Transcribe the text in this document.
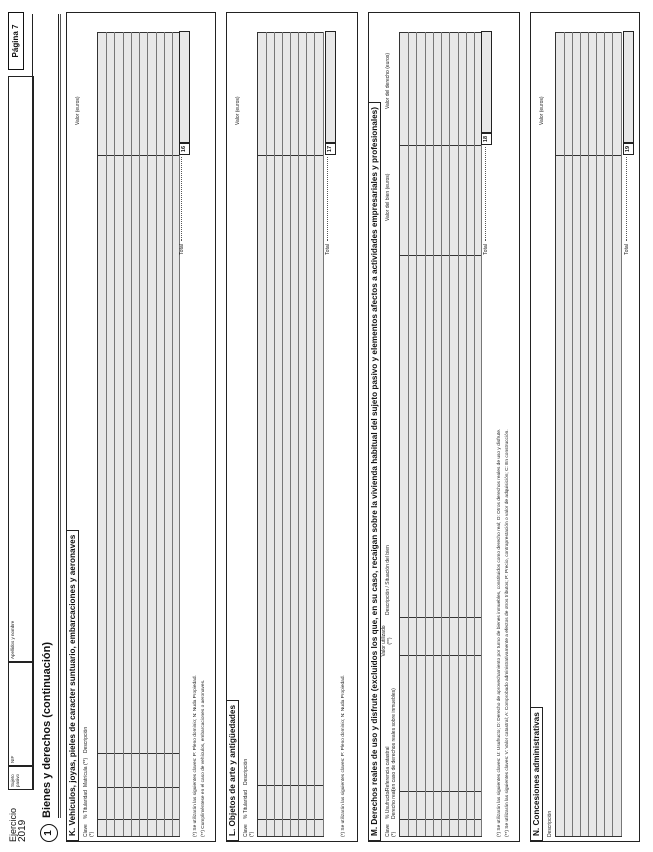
Ejercicio 2019
Sujeto pasivo
NIF
Apellidos y nombre
Página 7
1
Bienes y derechos (continuación) K. Vehículos, joyas, pieles de caracter suntuario, embarcaciones y aeronaves	Clave
(*)
% Titularidad
Matrícula (**)
Descripción
Valor (euros)
Total
16
(*) Se utilizarán las siguientes claves: P: Pleno dominio; N: Nuda Propiedad. (**) Cumpliméntese en el caso de vehículos, embarcaciones o aeronaves.	L. Objetos de arte y antigüedades	Clave
(*)
% Titularidad
Descripción
Valor (euros)
Total
17
(*) Se utilizarán las siguientes claves: P: Pleno dominio; N: Nuda Propiedad.	M. Derechos reales de uso y disfrute (excluidos los que, en su caso, recaigan sobre la vivienda habitual del sujeto pasivo y elementos afectos a actividades empresariales y profesionales)	Clave
(*)
% Usufructo/
Derecho real
Referencia catastral
(en caso de derechos reales sobre inmuebles)
Valor utilizado
(**)
Descripción / Situación del bien
Valor del bien (euros)
Valor del derecho (euros)
Total
18
(*) Se utilizarán las siguientes claves: U: Usufructo; D: Derecho de aprovechamiento por turno de bienes inmuebles, constituidos como derecho real; O: Otros derechos reales de uso y disfrute. (**) Se utilizarán las siguientes claves: V: Valor catastral; A: Comprobado administrativamente a efectos de otros tributos; P: Precio, contraprestación o valor de adquisición; C: En construcción.	N. Concesiones administrativas	Descripción
Valor (euros)
Total
19
